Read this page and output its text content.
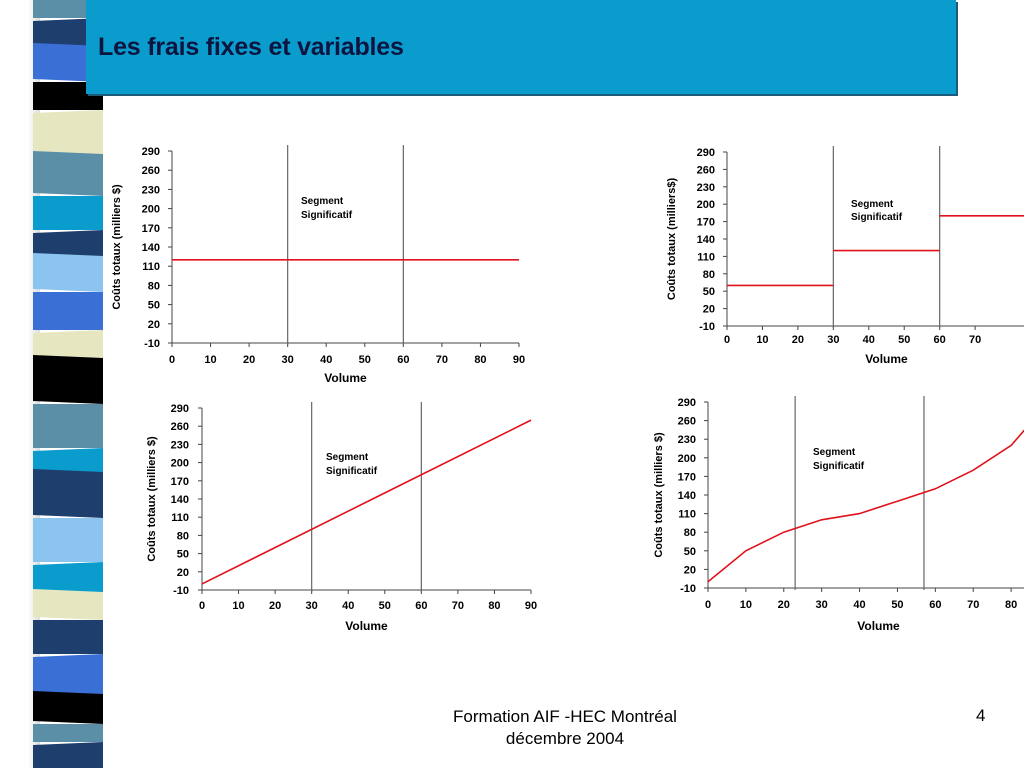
Les frais fixes et variables
-10
20
50
80
110
140
170
200
230
260
290
0	10 20 30 40 50 60 70 80 90
Volume
Coûts totaux (milliers $)	Segment
Significatif
-10
20
50
80
110
140
170
200
230
260
290
0 10 20 30 40 50 60 70
Volume
Coûts totaux (milliers$)	Segment
Significatif
-10
20
50
80
110
140
170
200
230
260
290
0 10 20 30 40 50 60 70 80 90
Volume
Coûts totaux (milliers $)	Segment
Significatif
-10
20
50
80
110
140
170
200
230
260
290
0	10 20 30 40 50 60 70 80
Volume
Coûts totaux (milliers $)	Segment
Significatif
Formation AIF -HEC Montréal
décembre 2004
4
